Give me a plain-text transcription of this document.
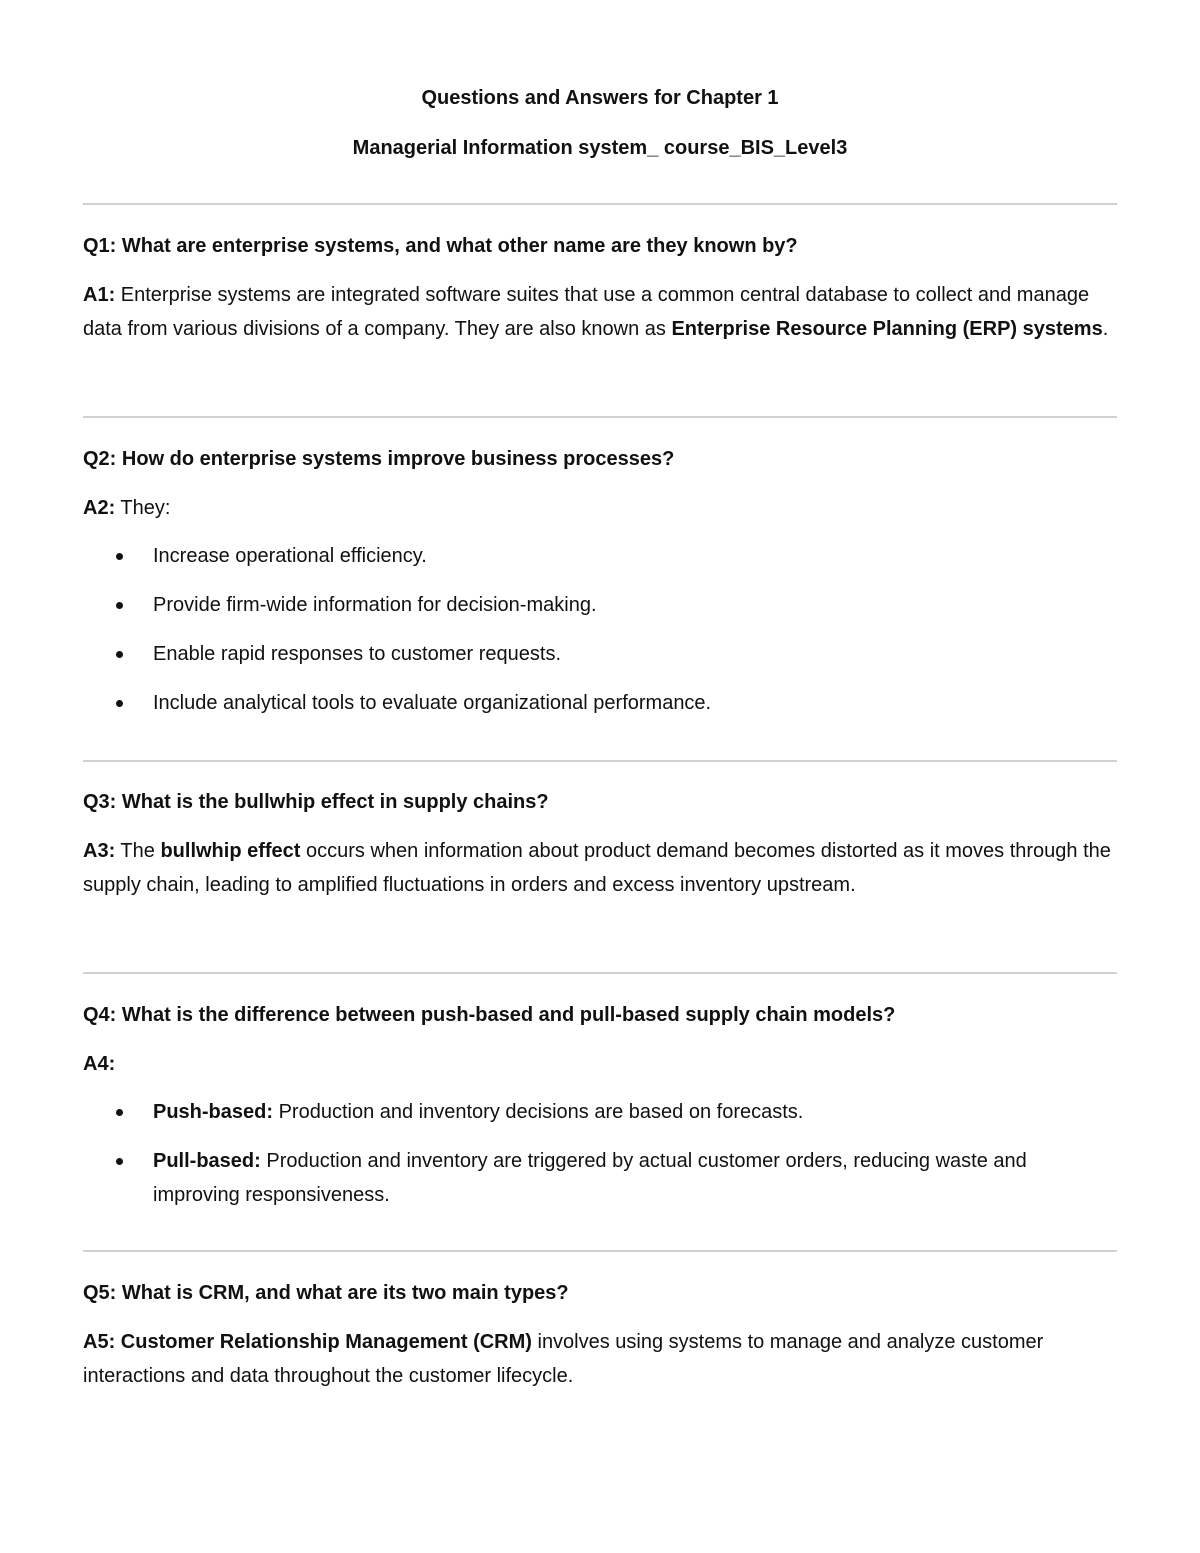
Questions and Answers for Chapter 1
Managerial Information system_ course_BIS_Level3

Q1: What are enterprise systems, and what other name are they known by?

A1: Enterprise systems are integrated software suites that use a common central database to collect and manage data from various divisions of a company. They are also known as Enterprise Resource Planning (ERP) systems.

Q2: How do enterprise systems improve business processes?

A2: They:

Increase operational efficiency.
Provide firm-wide information for decision-making.
Enable rapid responses to customer requests.
Include analytical tools to evaluate organizational performance.

Q3: What is the bullwhip effect in supply chains?

A3: The bullwhip effect occurs when information about product demand becomes distorted as it moves through the supply chain, leading to amplified fluctuations in orders and excess inventory upstream.

Q4: What is the difference between push-based and pull-based supply chain models?

A4:

Push-based: Production and inventory decisions are based on forecasts.
Pull-based: Production and inventory are triggered by actual customer orders, reducing waste and improving responsiveness.

Q5: What is CRM, and what are its two main types?

A5: Customer Relationship Management (CRM) involves using systems to manage and analyze customer interactions and data throughout the customer lifecycle.
